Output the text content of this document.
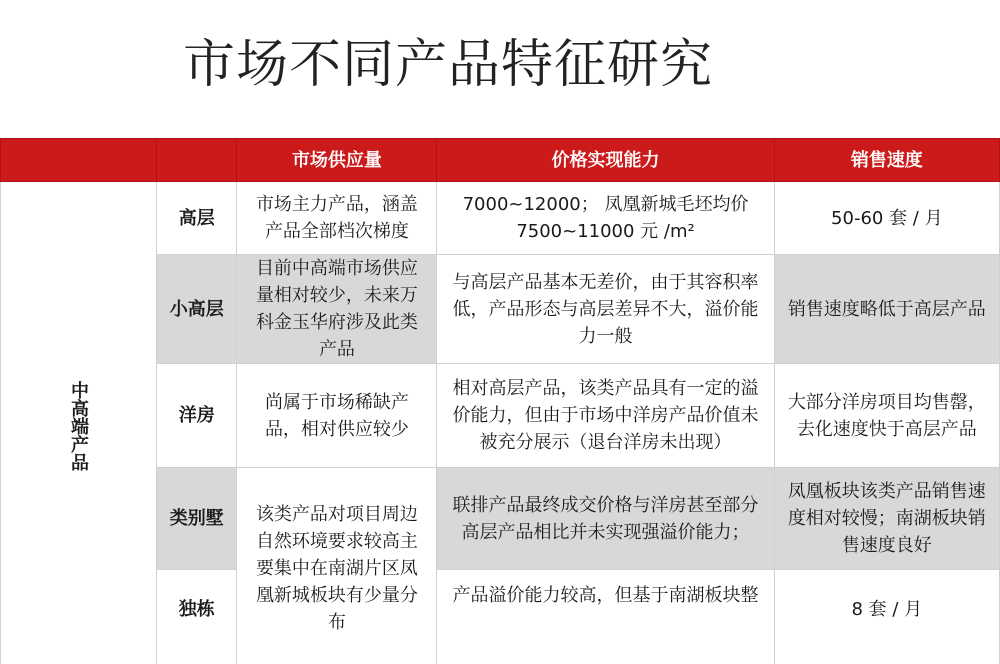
市场不同产品特征研究
		市场供应量	价格实现能力	销售速度
中高端产品	高层	市场主力产品，涵盖产品全部档次梯度	7000~12000； 凤凰新城毛坯均价7500~11000 元 /m²	50-60 套 / 月
	小高层	目前中高端市场供应量相对较少，未来万科金玉华府涉及此类产品	与高层产品基本无差价，由于其容积率低，产品形态与高层差异不大，溢价能力一般	销售速度略低于高层产品
	洋房	尚属于市场稀缺产品，相对供应较少	相对高层产品，该类产品具有一定的溢价能力，但由于市场中洋房产品价值未被充分展示（退台洋房未出现）	大部分洋房项目均售罄，去化速度快于高层产品
	类别墅	该类产品对项目周边自然环境要求较高主要集中在南湖片区凤凰新城板块有少量分布	联排产品最终成交价格与洋房甚至部分高层产品相比并未实现强溢价能力；	凤凰板块该类产品销售速度相对较慢；南湖板块销售速度良好
	独栋		产品溢价能力较高，但基于南湖板块整	8 套 / 月
